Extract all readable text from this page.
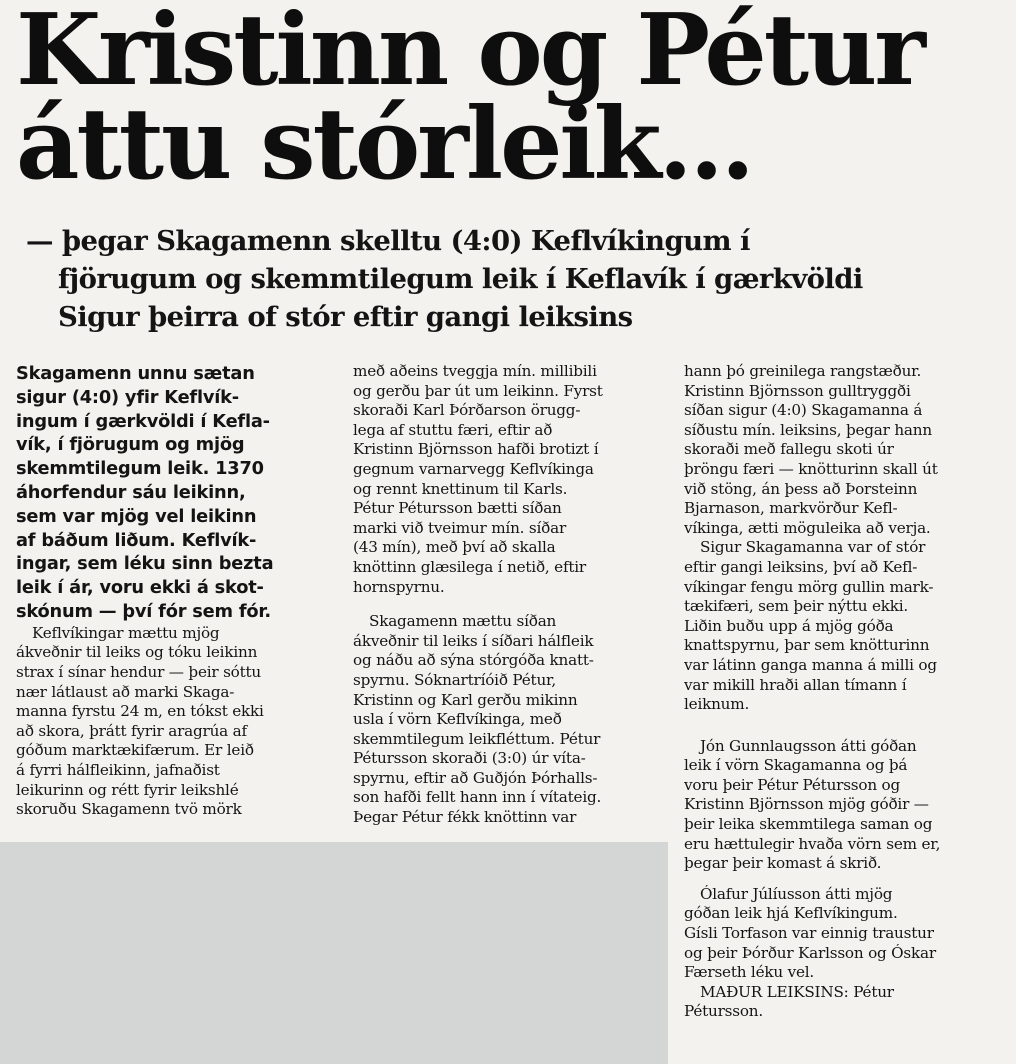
Kristinn og Pétur
áttu stórleik...
— þegar Skagamenn skelltu (4:0) Keflvíkingum í
fjörugum og skemmtilegum leik í Keflavík í gærkvöldi
Sigur þeirra of stór eftir gangi leiksins

Skagamenn unnu sætan
sigur (4:0) yfir Keflvík-
ingum í gærkvöldi í Kefla-
vík, í fjörugum og mjög
skemmtilegum leik. 1370
áhorfendur sáu leikinn,
sem var mjög vel leikinn
af báðum liðum. Keflvík-
ingar, sem léku sinn bezta
leik í ár, voru ekki á skot-
skónum — því fór sem fór.

Keflvíkingar mættu mjög
ákveðnir til leiks og tóku leikinn
strax í sínar hendur — þeir sóttu
nær látlaust að marki Skaga-
manna fyrstu 24 m, en tókst ekki
að skora, þrátt fyrir aragrúa af
góðum marktækifærum. Er leið
á fyrri hálfleikinn, jafnaðist
leikurinn og rétt fyrir leikshlé
skoruðu Skagamenn tvö mörk

með aðeins tveggja mín. millibili
og gerðu þar út um leikinn. Fyrst
skoraði Karl Þórðarson örugg-
lega af stuttu færi, eftir að
Kristinn Björnsson hafði brotizt í
gegnum varnarvegg Keflvíkinga
og rennt knettinum til Karls.
Pétur Pétursson bætti síðan
marki við tveimur mín. síðar
(43 mín), með því að skalla
knöttinn glæsilega í netið, eftir
hornspyrnu.

Skagamenn mættu síðan
ákveðnir til leiks í síðari hálfleik
og náðu að sýna stórgóða knatt-
spyrnu. Sóknartríóið Pétur,
Kristinn og Karl gerðu mikinn
usla í vörn Keflvíkinga, með
skemmtilegum leikfléttum. Pétur
Pétursson skoraði (3:0) úr víta-
spyrnu, eftir að Guðjón Þórhalls-
son hafði fellt hann inn í vítateig.
Þegar Pétur fékk knöttinn var

hann þó greinilega rangstæður.
Kristinn Björnsson gulltryggði
síðan sigur (4:0) Skagamanna á
síðustu mín. leiksins, þegar hann
skoraði með fallegu skoti úr
þröngu færi — knötturinn skall út
við stöng, án þess að Þorsteinn
Bjarnason, markvörður Kefl-
víkinga, ætti möguleika að verja.

Sigur Skagamanna var of stór
eftir gangi leiksins, því að Kefl-
víkingar fengu mörg gullin mark-
tækifæri, sem þeir nýttu ekki.
Liðin buðu upp á mjög góða
knattspyrnu, þar sem knötturinn
var látinn ganga manna á milli og
var mikill hraði allan tímann í
leiknum.

Jón Gunnlaugsson átti góðan
leik í vörn Skagamanna og þá
voru þeir Pétur Pétursson og
Kristinn Björnsson mjög góðir —
þeir leika skemmtilega saman og
eru hættulegir hvaða vörn sem er,
þegar þeir komast á skrið.

Ólafur Júlíusson átti mjög
góðan leik hjá Keflvíkingum.
Gísli Torfason var einnig traustur
og þeir Þórður Karlsson og Óskar
Færseth léku vel.
MAÐUR LEIKSINS: Pétur
Pétursson.
